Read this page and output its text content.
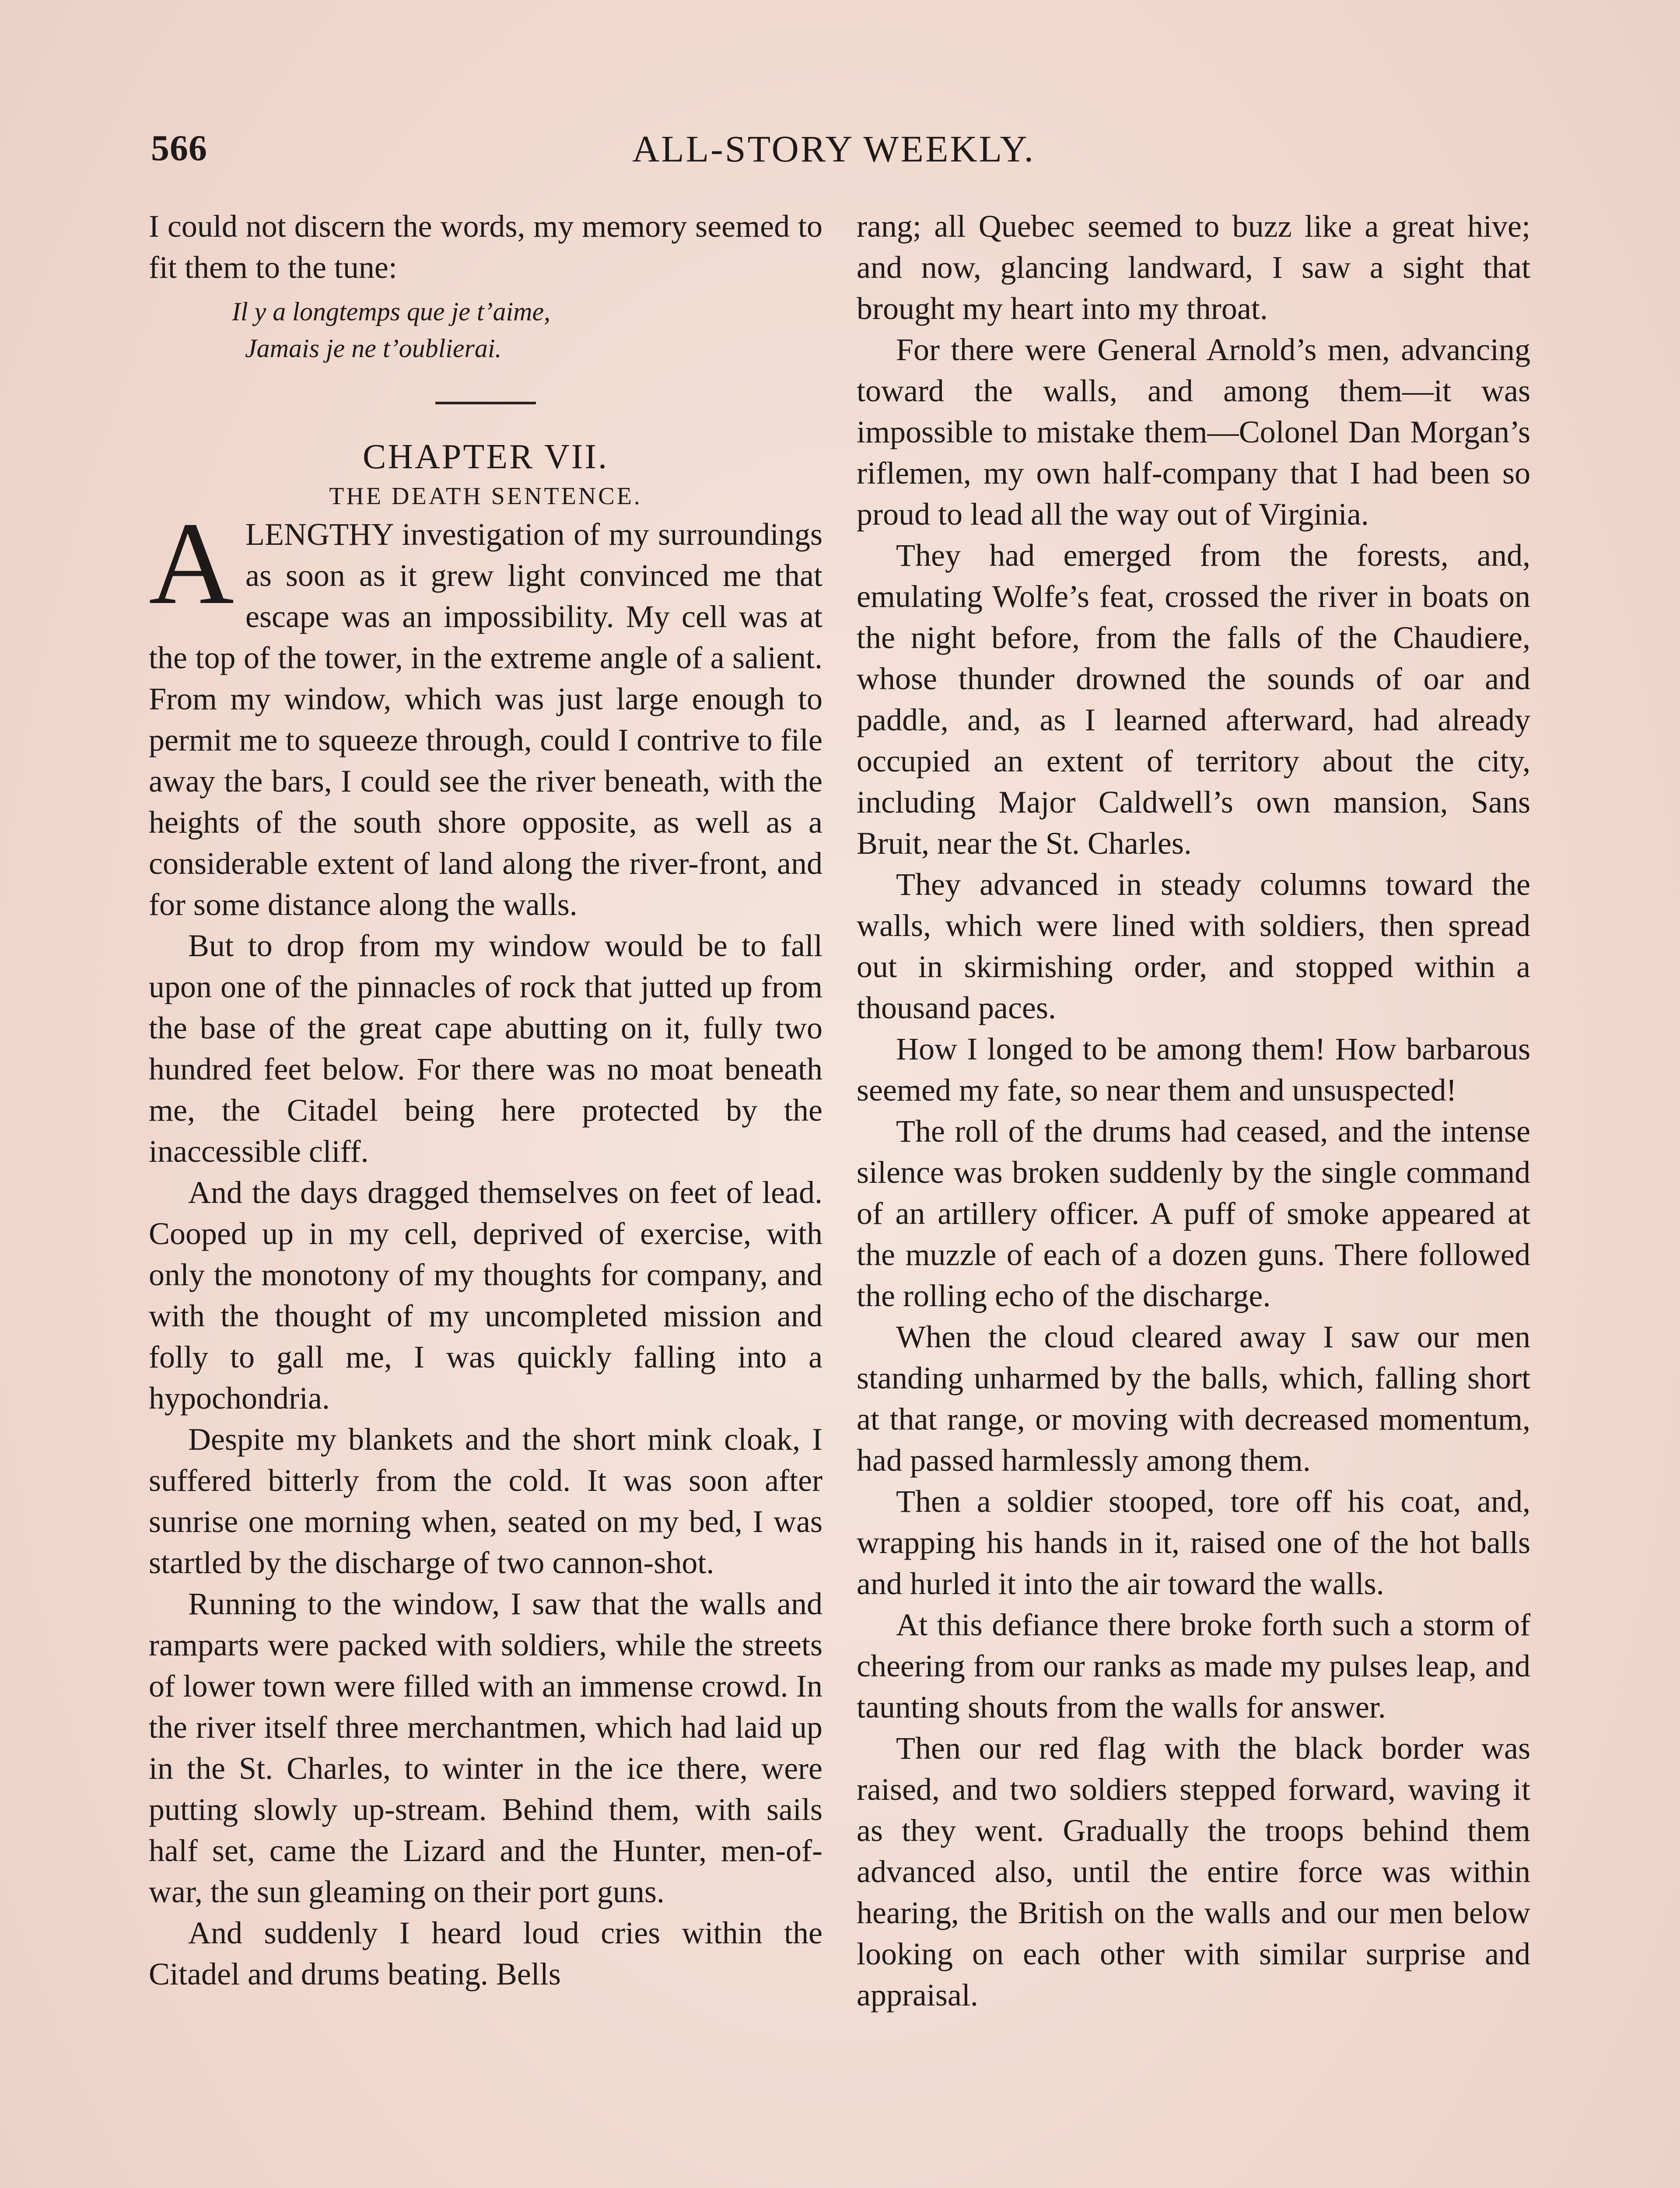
566	ALL-STORY WEEKLY.

I could not discern the words, my memory seemed to fit them to the tune:

Il y a longtemps que je t’aime,
Jamais je ne t’oublierai.

CHAPTER VII.

THE DEATH SENTENCE.

ALENGTHY investigation of my surroundings as soon as it grew light convinced me that escape was an impossibility. My cell was at the top of the tower, in the extreme angle of a salient. From my window, which was just large enough to permit me to squeeze through, could I contrive to file away the bars, I could see the river beneath, with the heights of the south shore opposite, as well as a considerable extent of land along the river-front, and for some distance along the walls.

But to drop from my window would be to fall upon one of the pinnacles of rock that jutted up from the base of the great cape abutting on it, fully two hundred feet below. For there was no moat beneath me, the Citadel being here protected by the inaccessible cliff.

And the days dragged themselves on feet of lead. Cooped up in my cell, deprived of exercise, with only the monotony of my thoughts for company, and with the thought of my uncompleted mission and folly to gall me, I was quickly falling into a hypochondria.

Despite my blankets and the short mink cloak, I suffered bitterly from the cold. It was soon after sunrise one morning when, seated on my bed, I was startled by the discharge of two cannon-shot.

Running to the window, I saw that the walls and ramparts were packed with soldiers, while the streets of lower town were filled with an immense crowd. In the river itself three merchantmen, which had laid up in the St. Charles, to winter in the ice there, were putting slowly up-stream. Behind them, with sails half set, came the Lizard and the Hunter, men-of-war, the sun gleaming on their port guns.

And suddenly I heard loud cries within the Citadel and drums beating. Bells

rang; all Quebec seemed to buzz like a great hive; and now, glancing landward, I saw a sight that brought my heart into my throat.

For there were General Arnold’s men, advancing toward the walls, and among them—it was impossible to mistake them—Colonel Dan Morgan’s riflemen, my own half-company that I had been so proud to lead all the way out of Virginia.

They had emerged from the forests, and, emulating Wolfe’s feat, crossed the river in boats on the night before, from the falls of the Chaudiere, whose thunder drowned the sounds of oar and paddle, and, as I learned afterward, had already occupied an extent of territory about the city, including Major Caldwell’s own mansion, Sans Bruit, near the St. Charles.

They advanced in steady columns toward the walls, which were lined with soldiers, then spread out in skirmishing order, and stopped within a thousand paces.

How I longed to be among them! How barbarous seemed my fate, so near them and unsuspected!

The roll of the drums had ceased, and the intense silence was broken suddenly by the single command of an artillery officer. A puff of smoke appeared at the muzzle of each of a dozen guns. There followed the rolling echo of the discharge.

When the cloud cleared away I saw our men standing unharmed by the balls, which, falling short at that range, or moving with decreased momentum, had passed harmlessly among them.

Then a soldier stooped, tore off his coat, and, wrapping his hands in it, raised one of the hot balls and hurled it into the air toward the walls.

At this defiance there broke forth such a storm of cheering from our ranks as made my pulses leap, and taunting shouts from the walls for answer.

Then our red flag with the black border was raised, and two soldiers stepped forward, waving it as they went. Gradually the troops behind them advanced also, until the entire force was within hearing, the British on the walls and our men below looking on each other with similar surprise and appraisal.
